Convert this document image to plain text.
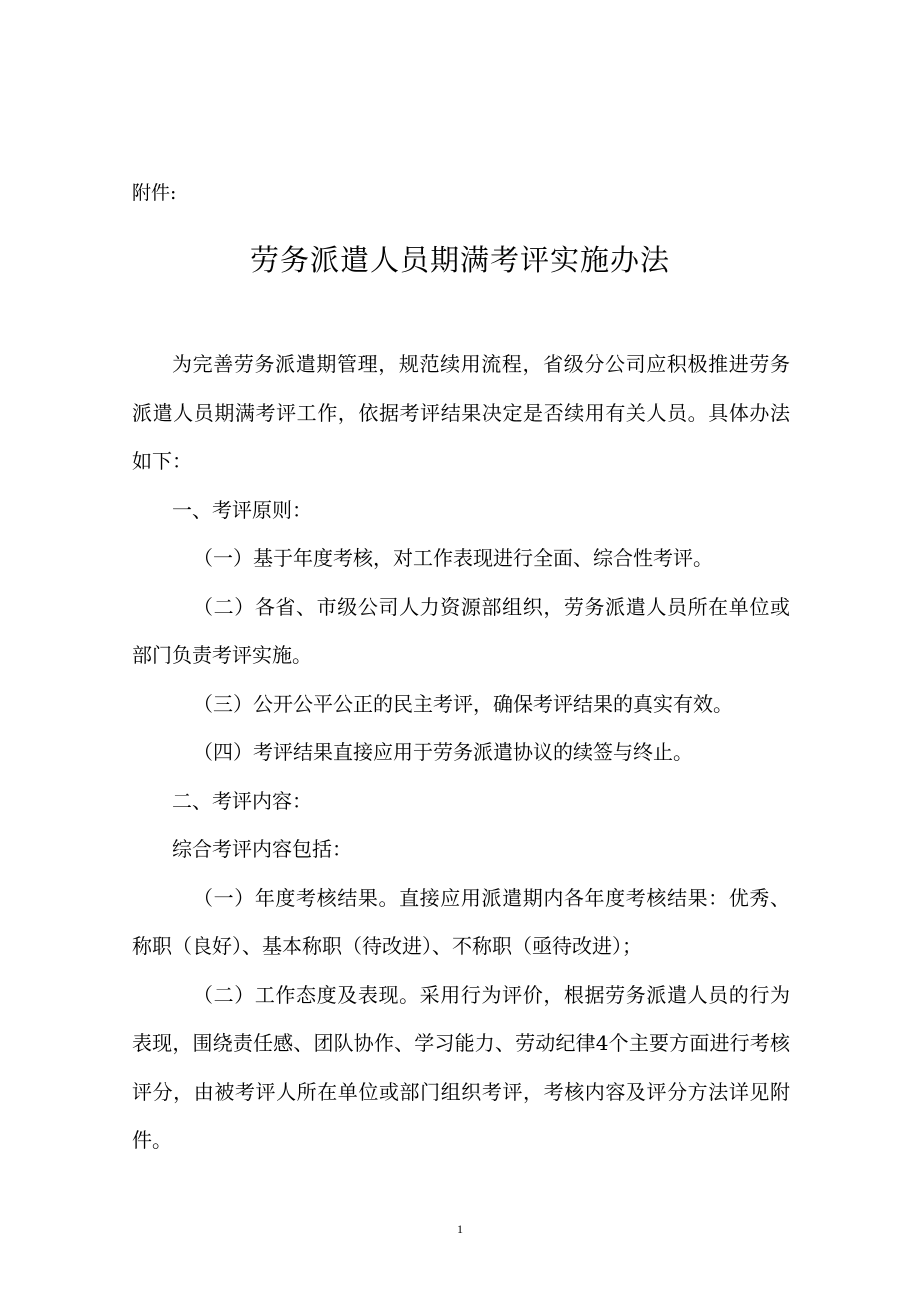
附件:
劳务派遣人员期满考评实施办法

为完善劳务派遣期管理，规范续用流程，省级分公司应积极推进劳务派遣人员期满考评工作，依据考评结果决定是否续用有关人员。具体办法如下：

一、考评原则：

（一）基于年度考核，对工作表现进行全面、综合性考评。

（二）各省、市级公司人力资源部组织，劳务派遣人员所在单位或部门负责考评实施。

（三）公开公平公正的民主考评，确保考评结果的真实有效。

（四）考评结果直接应用于劳务派遣协议的续签与终止。

二、考评内容：

综合考评内容包括：

（一）年度考核结果。直接应用派遣期内各年度考核结果：优秀、称职（良好）、基本称职（待改进）、不称职（亟待改进）；

（二）工作态度及表现。采用行为评价，根据劳务派遣人员的行为表现，围绕责任感、团队协作、学习能力、劳动纪律4个主要方面进行考核评分，由被考评人所在单位或部门组织考评，考核内容及评分方法详见附件。

1
